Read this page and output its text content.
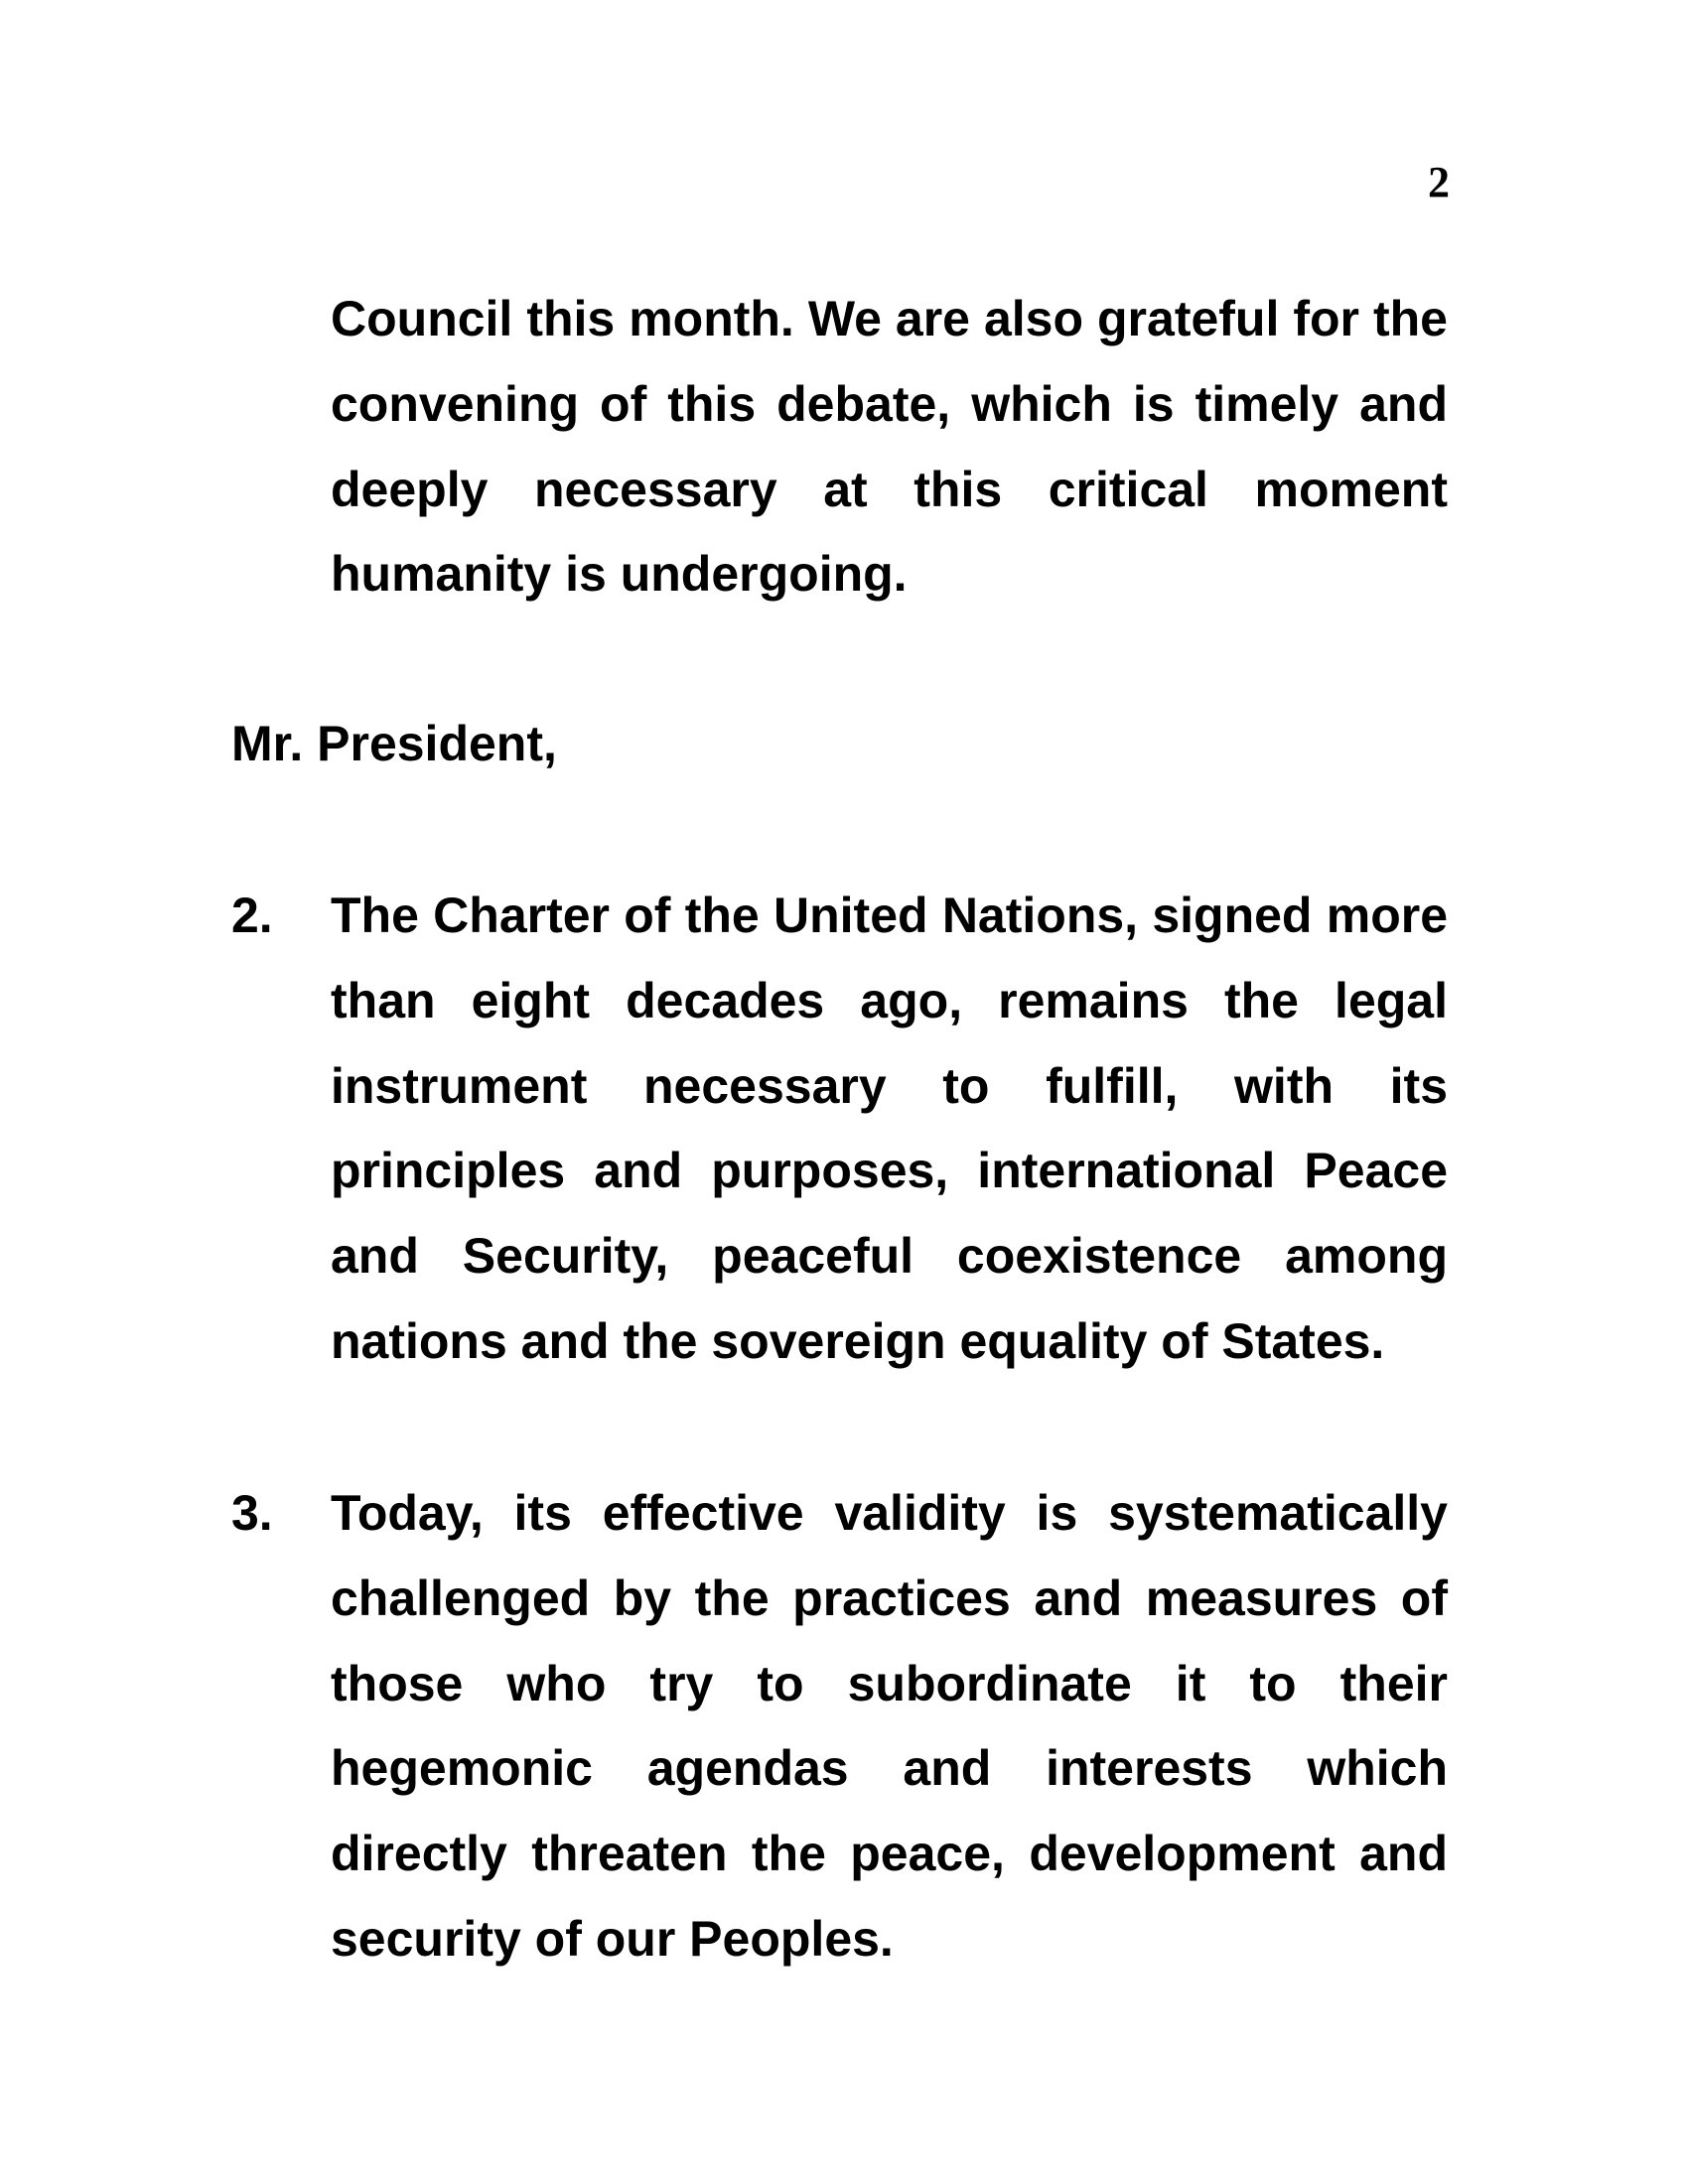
2
Council this month. We are also grateful for the
convening of this debate, which is timely and
deeply necessary at this critical moment
humanity is undergoing.
Mr. President,
2. The Charter of the United Nations, signed more
than eight decades ago, remains the legal
instrument necessary to fulfill, with its
principles and purposes, international Peace
and Security, peaceful coexistence among
nations and the sovereign equality of States.
3. Today, its effective validity is systematically
challenged by the practices and measures of
those who try to subordinate it to their
hegemonic agendas and interests which
directly threaten the peace, development and
security of our Peoples.
